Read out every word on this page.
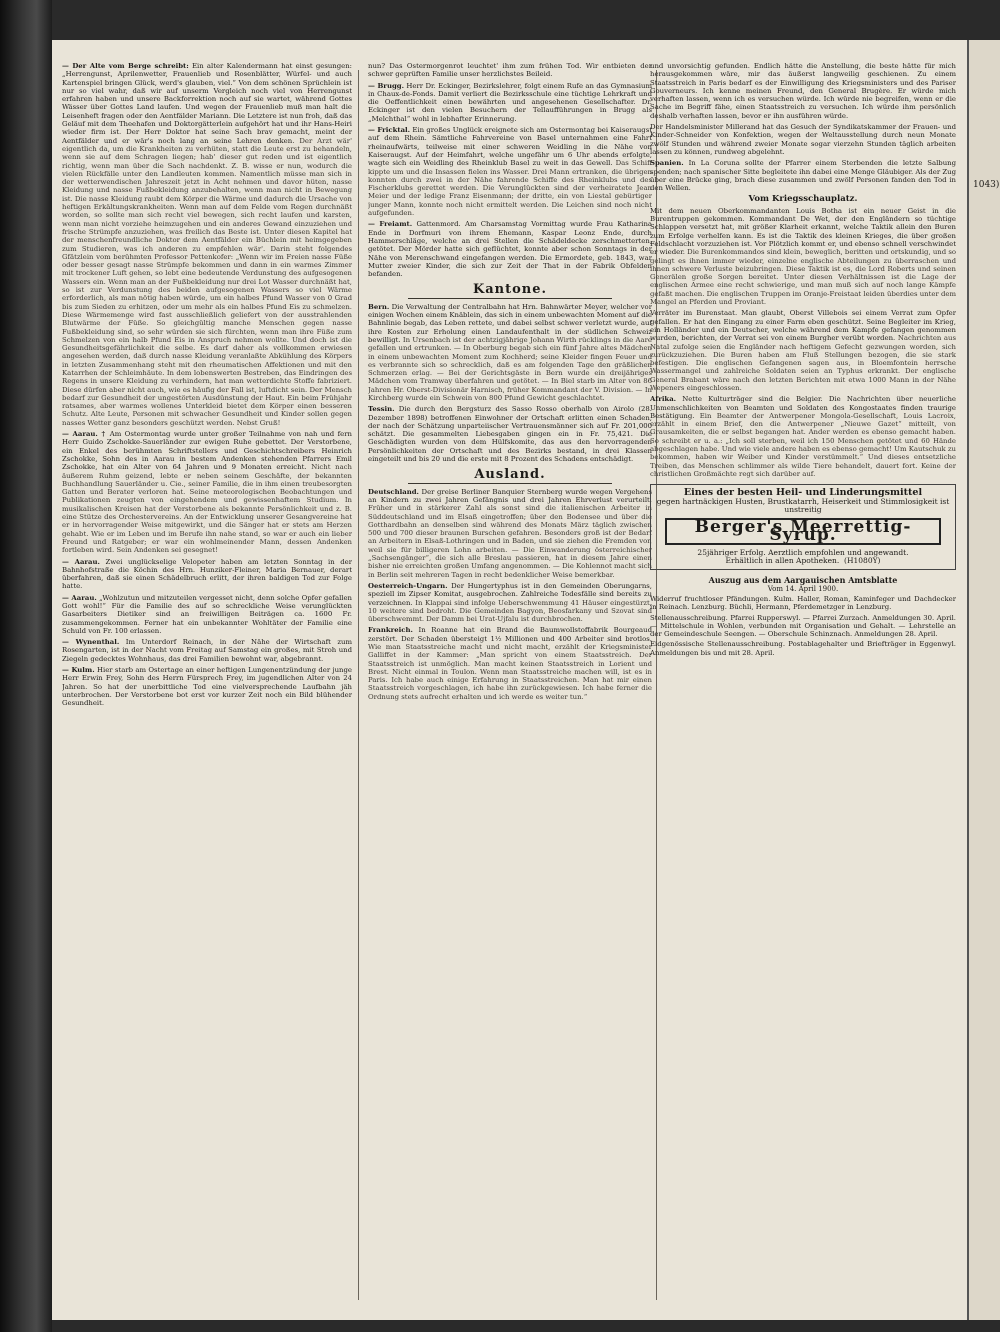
— Der Alte vom Berge schreibt: Ein alter Kalendermann hat einst gesungen: „Herrengunst, Aprilenwetter, Frauenlieb und Rosenblätter, Würfel- und auch Kartenspiel bringen Glück, werd's glauben, viel.“ Von dem schönen Sprüchlein ist nur so viel wahr, daß wir auf unserm Vergleich noch viel von Herrengunst erfahren haben und unsere Backforrektion noch auf sie wartet, während Gottes Wässer über Gottes Land laufen. Und wegen der Frauenlieb muß man halt die Leisenheft fragen oder den Aentfälder Mariann. Die Letztere ist nun froh, daß das Geläuf mit dem Theehafen und Doktorgätterlein aufgehört hat und ihr Hans-Heiri wieder firm ist. Der Herr Doktor hat seine Sach brav gemacht, meint der Aentfälder und er wär's noch lang an seine Lehren denken. Der Arzt wär' eigentlich da, um die Krankheiten zu verhüten, statt die Leute erst zu behandeln, wenn sie auf dem Schragen liegen; hab' dieser gut reden und ist eigentlich richtig, wenn man über die Sach nachdenkt. Z. B. wisse er nun, wodurch die vielen Rückfälle unter den Landleuten kommen. Namentlich müsse man sich in der wetterwendischen Jahreszeit jetzt in Acht nehmen und davor hüten, nasse Kleidung und nasse Fußbekleidung anzubehalten, wenn man nicht in Bewegung ist. Die nasse Kleidung raubt dem Körper die Wärme und dadurch die Ursache von heftigen Erkältungskrankheiten. Wenn man auf dem Felde vom Regen durchnäßt worden, so sollte man sich recht viel bewegen, sich recht laufen und karsten, wenn man nicht vorziehe heimzugehen und ein anderes Gewand einzuziehen und frische Strümpfe anzuziehen, was freilich das Beste ist. Unter diesen Kapitel hat der menschenfreundliche Doktor dem Aentfälder ein Büchlein mit heimgegeben zum Studieren, was ich anderen zu empfehlen wär'. Darin steht folgendes Gfätzlein vom berühmten Professor Pettenkofer: „Wenn wir im Freien nasse Füße oder besser gesagt nasse Strümpfe bekommen und dann in ein warmes Zimmer mit trockener Luft gehen, so lebt eine bedeutende Verdunstung des aufgesogenen Wassers ein. Wenn man an der Fußbekleidung nur drei Lot Wasser durchnäßt hat, so ist zur Verdunstung des beiden aufgesogenen Wassers so viel Wärme erforderlich, als man nötig haben würde, um ein halbes Pfund Wasser von 0 Grad bis zum Sieden zu erhitzen, oder um mehr als ein halbes Pfund Eis zu schmelzen. Diese Wärmemenge wird fast ausschließlich geliefert von der ausstrahlenden Blutwärme der Füße. So gleichgültig manche Menschen gegen nasse Fußbekleidung sind, so sehr würden sie sich fürchten, wenn man ihre Füße zum Schmelzen von ein halb Pfund Eis in Anspruch nehmen wollte. Und doch ist die Gesundheitsgefährlichkeit die selbe. Es darf daher als vollkommen erwiesen angesehen werden, daß durch nasse Kleidung veranlaßte Abkühlung des Körpers in letzten Zusammenhang steht mit den rheumatischen Affektionen und mit den Katarrhen der Schleimhäute. In dem lobenswerten Bestreben, das Eindringen des Regens in unsere Kleidung zu verhindern, hat man wetterdichte Stoffe fabriziert. Diese dürfen aber nicht auch, wie es häufig der Fall ist, luftdicht sein. Der Mensch bedarf zur Gesundheit der ungestörten Ausdünstung der Haut. Ein beim Frühjahr ratsames, aber warmes wollenes Unterkleid bietet dem Körper einen besseren Schutz. Alte Leute, Personen mit schwacher Gesundheit und Kinder sollen gegen nasses Wetter ganz besonders geschützt werden. Nebst Gruß!

— Aarau. † Am Ostermontag wurde unter großer Teilnahme von nah und fern Herr Guido Zschokke-Sauerländer zur ewigen Ruhe gebettet. Der Verstorbene, ein Enkel des berühmten Schriftstellers und Geschichtschreibers Heinrich Zschokke, Sohn des in Aarau in bestem Andenken stehenden Pfarrers Emil Zschokke, hat ein Alter von 64 Jahren und 9 Monaten erreicht. Nicht nach äußerem Ruhm geizend, lebte er neben seinem Geschäfte, der bekannten Buchhandlung Sauerländer u. Cie., seiner Familie, die in ihm einen treubesorgten Gatten und Berater verloren hat. Seine meteorologischen Beobachtungen und Publikationen zeugten von eingehendem und gewissenhaftem Studium. In musikalischen Kreisen hat der Verstorbene als bekannte Persönlichkeit und z. B. eine Stütze des Orchestervereins. An der Entwicklung unserer Gesangvereine hat er in hervorragender Weise mitgewirkt, und die Sänger hat er stets am Herzen gehabt. Wie er im Leben und im Berufe ihn nahe stand, so war er auch ein lieber Freund und Ratgeber; er war ein wohlmeinender Mann, dessen Andenken fortleben wird. Sein Andenken sei gesegnet!

— Aarau. Zwei unglückselige Velopeter haben am letzten Sonntag in der Bahnhofstraße die Köchin des Hrn. Hunziker-Fleiner, Maria Bernauer, derart überfahren, daß sie einen Schädelbruch erlitt, der ihren baldigen Tod zur Folge hatte.

— Aarau. „Wohlzutun und mitzuteilen vergesset nicht, denn solche Opfer gefallen Gott wohl!“ Für die Familie des auf so schreckliche Weise verunglückten Gasarbeiters Dietiker sind an freiwilligen Beiträgen ca. 1600 Fr. zusammengekommen. Ferner hat ein unbekannter Wohltäter der Familie eine Schuld von Fr. 100 erlassen.

— Wynenthal. Im Unterdorf Reinach, in der Nähe der Wirtschaft zum Rosengarten, ist in der Nacht vom Freitag auf Samstag ein großes, mit Stroh und Ziegeln gedecktes Wohnhaus, das drei Familien bewohnt war, abgebrannt.

— Kulm. Hier starb am Ostertage an einer heftigen Lungenentzündung der junge Herr Erwin Frey, Sohn des Herrn Fürsprech Frey, im jugendlichen Alter von 24 Jahren. So hat der unerbittliche Tod eine vielversprechende Laufbahn jäh unterbrochen. Der Verstorbene bot erst vor kurzer Zeit noch ein Bild blühender Gesundheit.

nun? Das Ostermorgenrot leuchtet' ihm zum frühen Tod. Wir entbieten der schwer geprüften Familie unser herzlichstes Beileid.

— Brugg. Herr Dr. Eckinger, Bezirkslehrer, folgt einem Rufe an das Gymnasium in Chaux-de-Fonds. Damit verliert die Bezirksschule eine tüchtige Lehrkraft und die Oeffentlichkeit einen bewährten und angesehenen Gesellschafter. Dr. Eckinger ist den vielen Besuchern der Tellaufführungen in Brugg als „Melchthal“ wohl in lebhafter Erinnerung.

— Fricktal. Ein großes Unglück ereignete sich am Ostermontag bei Kaiseraugst auf dem Rhein. Sämtliche Fahrvereine von Basel unternahmen eine Fahrt rheinaufwärts, teilweise mit einer schweren Weidling in die Nähe von Kaiseraugst. Auf der Heimfahrt, welche ungefähr um 6 Uhr abends erfolgte, wagte sich ein Weidling des Rheinklub Basel zu weit in das Gewell. Das Schiff kippte um und die Insassen fielen ins Wasser. Drei Mann ertranken, die übrigen konnten durch zwei in der Nähe fahrende Schiffe des Rheinklubs und des Fischerklubs gerettet werden. Die Verunglückten sind der verheiratete Jean Meier und der ledige Franz Eisenmann; der dritte, ein von Liestal gebürtiger junger Mann, konnte noch nicht ermittelt werden. Die Leichen sind noch nicht aufgefunden.

— Freiamt. Gattenmord. Am Charsamstag Vormittag wurde Frau Katharina Ende in Dorfmuri von ihrem Ehemann, Kaspar Leonz Ende, durch Hammerschläge, welche an drei Stellen die Schädeldecke zerschmetterten, getötet. Der Mörder hatte sich geflüchtet, konnte aber schon Sonntags in der Nähe von Merenschwand eingefangen werden. Die Ermordete, geb. 1843, war Mutter zweier Kinder, die sich zur Zeit der That in der Fabrik Obfelden befanden.

Kantone.

Bern. Die Verwaltung der Centralbahn hat Hrn. Bahnwärter Meyer, welcher vor einigen Wochen einem Knäblein, das sich in einem unbewachten Moment auf die Bahnlinie begab, das Leben rettete, und dabei selbst schwer verletzt wurde, auf ihre Kosten zur Erholung einen Landaufenthalt in der südlichen Schweiz bewilligt. In Ursenbach ist der achtzigjährige Johann Wirth rücklings in die Aare gefallen und ertrunken. — In Oberburg begab sich ein fünf Jahre altes Mädchen in einem unbewachten Moment zum Kochherd; seine Kleider fingen Feuer und es verbrannte sich so schrecklich, daß es am folgenden Tage den gräßlichen Schmerzen erlag. — Bei der Gerichtsgäste in Bern wurde ein dreijähriges Mädchen vom Tramway überfahren und getötet. — In Biel starb im Alter von 86 Jahren Hr. Oberst-Divisionär Harnisch, früher Kommandant der V. Division. — In Kirchberg wurde ein Schwein von 800 Pfund Gewicht geschlachtet.

Tessin. Die durch den Bergsturz des Sasso Rosso oberhalb von Airolo (28. Dezember 1898) betroffenen Einwohner der Ortschaft erlitten einen Schaden, der nach der Schätzung unparteiischer Vertrauensmänner sich auf Fr. 201,000 schätzt. Die gesammelten Liebesgaben gingen ein in Fr. 75,421. Die Geschädigten wurden von dem Hülfskomite, das aus den hervorragenden Persönlichkeiten der Ortschaft und des Bezirks bestand, in drei Klassen eingeteilt und bis 20 und die erste mit 8 Prozent des Schadens entschädigt.

Ausland.

Deutschland. Der greise Berliner Banquier Sternberg wurde wegen Vergehens an Kindern zu zwei Jahren Gefängnis und drei Jahren Ehrverlust verurteilt. Früher und in stärkerer Zahl als sonst sind die italienischen Arbeiter in Süddeutschland und im Elsaß eingetroffen; über den Bodensee und über die Gotthardbahn an denselben sind während des Monats März täglich zwischen 500 und 700 dieser braunen Burschen gefahren. Besonders groß ist der Bedarf an Arbeitern in Elsaß-Lothringen und in Baden, und sie ziehen die Fremden vor, weil sie für billigeren Lohn arbeiten. — Die Einwanderung österreichischer „Sachsengänger“, die sich alle Breslau passieren, hat in diesem Jahre einen bisher nie erreichten großen Umfang angenommen. — Die Kohlennot macht sich in Berlin seit mehreren Tagen in recht bedenklicher Weise bemerkbar.

Oesterreich-Ungarn. Der Hungertyphus ist in den Gemeinden Oberungarns, speziell im Zipser Komitat, ausgebrochen. Zahlreiche Todesfälle sind bereits zu verzeichnen. In Klappai sind infolge Ueberschwemmung 41 Häuser eingestürzt, 10 weitere sind bedroht. Die Gemeinden Bagyon, Beosfarkany und Szovat sind überschwemmt. Der Damm bei Urat-Ujfalu ist durchbrochen.

Frankreich. In Roanne hat ein Brand die Baumwollstoffabrik Bourgeaud zerstört. Der Schaden übersteigt 1½ Millionen und 400 Arbeiter sind brotlos. Wie man Staatsstreiche macht und nicht macht, erzählt der Kriegsminister Galliffet in der Kammer: „Man spricht von einem Staatsstreich. Der Staatsstreich ist unmöglich. Man macht keinen Staatsstreich in Lorient und Brest. Nicht einmal in Toulon. Wenn man Staatsstreiche machen will, ist es in Paris. Ich habe auch einige Erfahrung in Staatsstreichen. Man hat mir einen Staatsstreich vorgeschlagen, ich habe ihn zurückgewiesen. Ich habe ferner die Ordnung stets aufrecht erhalten und ich werde es weiter tun.“

und unvorsichtig gefunden. Endlich hätte die Anstellung, die beste hätte für mich herausgekommen wäre, mir das äußerst langweilig geschienen. Zu einem Staatsstreich in Paris bedarf es der Einwilligung des Kriegsministers und des Pariser Gouverneurs. Ich kenne meinen Freund, den General Brugère. Er würde mich verhaften lassen, wenn ich es versuchen würde. Ich würde nie begreifen, wenn er die Sache im Begriff fähe, einen Staatsstreich zu versuchen. Ich würde ihm persönlich deshalb verhaften lassen, bevor er ihn ausführen würde.

Der Handelsminister Millerand hat das Gesuch der Syndikatskammer der Frauen- und Kinder-Schneider von Konfektion, wegen der Weltausstellung durch neun Monate zwölf Stunden und während zweier Monate sogar vierzehn Stunden täglich arbeiten lassen zu können, rundweg abgelehnt.

Spanien. In La Coruna sollte der Pfarrer einem Sterbenden die letzte Salbung spenden; nach spanischer Sitte begleitete ihn dabei eine Menge Gläubiger. Als der Zug über eine Brücke ging, brach diese zusammen und zwölf Personen fanden den Tod in den Wellen.

Vom Kriegsschauplatz.

Mit dem neuen Oberkommandanten Louis Botha ist ein neuer Geist in die Burentruppen gekommen. Kommandant De Wet, der den Engländern so tüchtige Schlappen versetzt hat, mit größer Klarheit erkannt, welche Taktik allein den Buren zum Erfolge verhelfen kann. Es ist die Taktik des kleinen Krieges, die über großen Feldschlacht vorzuziehen ist. Vor Plötzlich kommt er, und ebenso schnell verschwindet er wieder. Die Burenkommandos sind klein, beweglich, beritten und ortskundig, und so gelingt es ihnen immer wieder, einzelne englische Abteilungen zu überraschen und ihnen schwere Verluste beizubringen. Diese Taktik ist es, die Lord Roberts und seinen Generälen große Sorgen bereitet. Unter diesen Verhältnissen ist die Lage der englischen Armee eine recht schwierige, und man muß sich auf noch lange Kämpfe gefaßt machen. Die englischen Truppen im Oranje-Freistaat leiden überdies unter dem Mangel an Pferden und Proviant.

Verräter im Burenstaat. Man glaubt, Oberst Villebois sei einem Verrat zum Opfer gefallen. Er hat den Eingang zu einer Farm eben geschützt. Seine Begleiter im Krieg, ein Holländer und ein Deutscher, welche während dem Kampfe gefangen genommen wurden, berichten, der Verrat sei von einem Burgher verübt worden. Nachrichten aus Natal zufolge seien die Engländer nach heftigem Gefecht gezwungen worden, sich zurückzuziehen. Die Buren haben am Fluß Stellungen bezogen, die sie stark befestigen. Die englischen Gefangenen sagen aus, in Bloemfontein herrsche Wassermangel und zahlreiche Soldaten seien an Typhus erkrankt. Der englische General Brabant wäre nach den letzten Berichten mit etwa 1000 Mann in der Nähe Wepeners eingeschlossen.

Afrika. Nette Kulturträger sind die Belgier. Die Nachrichten über neuerliche Unmenschlichkeiten von Beamten und Soldaten des Kongostaates finden traurige Bestätigung. Ein Beamter der Antwerpener Mongola-Gesellschaft, Louis Lacroix, erzählt in einem Brief, den die Antwerpener „Nieuwe Gazet“ mitteilt, von Grausamkeiten, die er selbst begangen hat. Ander werden es ebenso gemacht haben. So schreibt er u. a.: „Ich soll sterben, weil ich 150 Menschen getötet und 60 Hände abgeschlagen habe. Und wie viele andere haben es ebenso gemacht! Um Kautschuk zu bekommen, haben wir Weiber und Kinder verstümmelt.“ Und dieses entsetzliche Treiben, das Menschen schlimmer als wilde Tiere behandelt, dauert fort. Keine der christlichen Großmächte regt sich darüber auf.

Eines der besten Heil- und Linderungsmittel
gegen hartnäckigen Husten, Brustkatarrh, Heiserkeit und Stimmlosigkeit ist unstreitig
Berger's Meerrettig-Syrup.
25jähriger Erfolg. Aerztlich empfohlen und angewandt.
Erhältlich in allen Apotheken. (H1080Y)
Auszug aus dem Aargauischen Amtsblatte
Vom 14. April 1900.

Widerruf fruchtloser Pfändungen. Kulm. Haller, Roman, Kaminfeger und Dachdecker in Reinach. Lenzburg. Büchli, Hermann, Pferdemetzger in Lenzburg.

Stellenausschreibung. Pfarrei Rupperswyl. — Pfarrei Zurzach. Anmeldungen 30. April. — Mittelschule in Wohlen, verbunden mit Organisation und Gehalt. — Lehrstelle an der Gemeindeschule Seengen. — Oberschule Schinznach. Anmeldungen 28. April.

Eidgenössische Stellenausschreibung. Postablagehalter und Briefträger in Eggenwyl. Anmeldungen bis und mit 28. April.

1043)
